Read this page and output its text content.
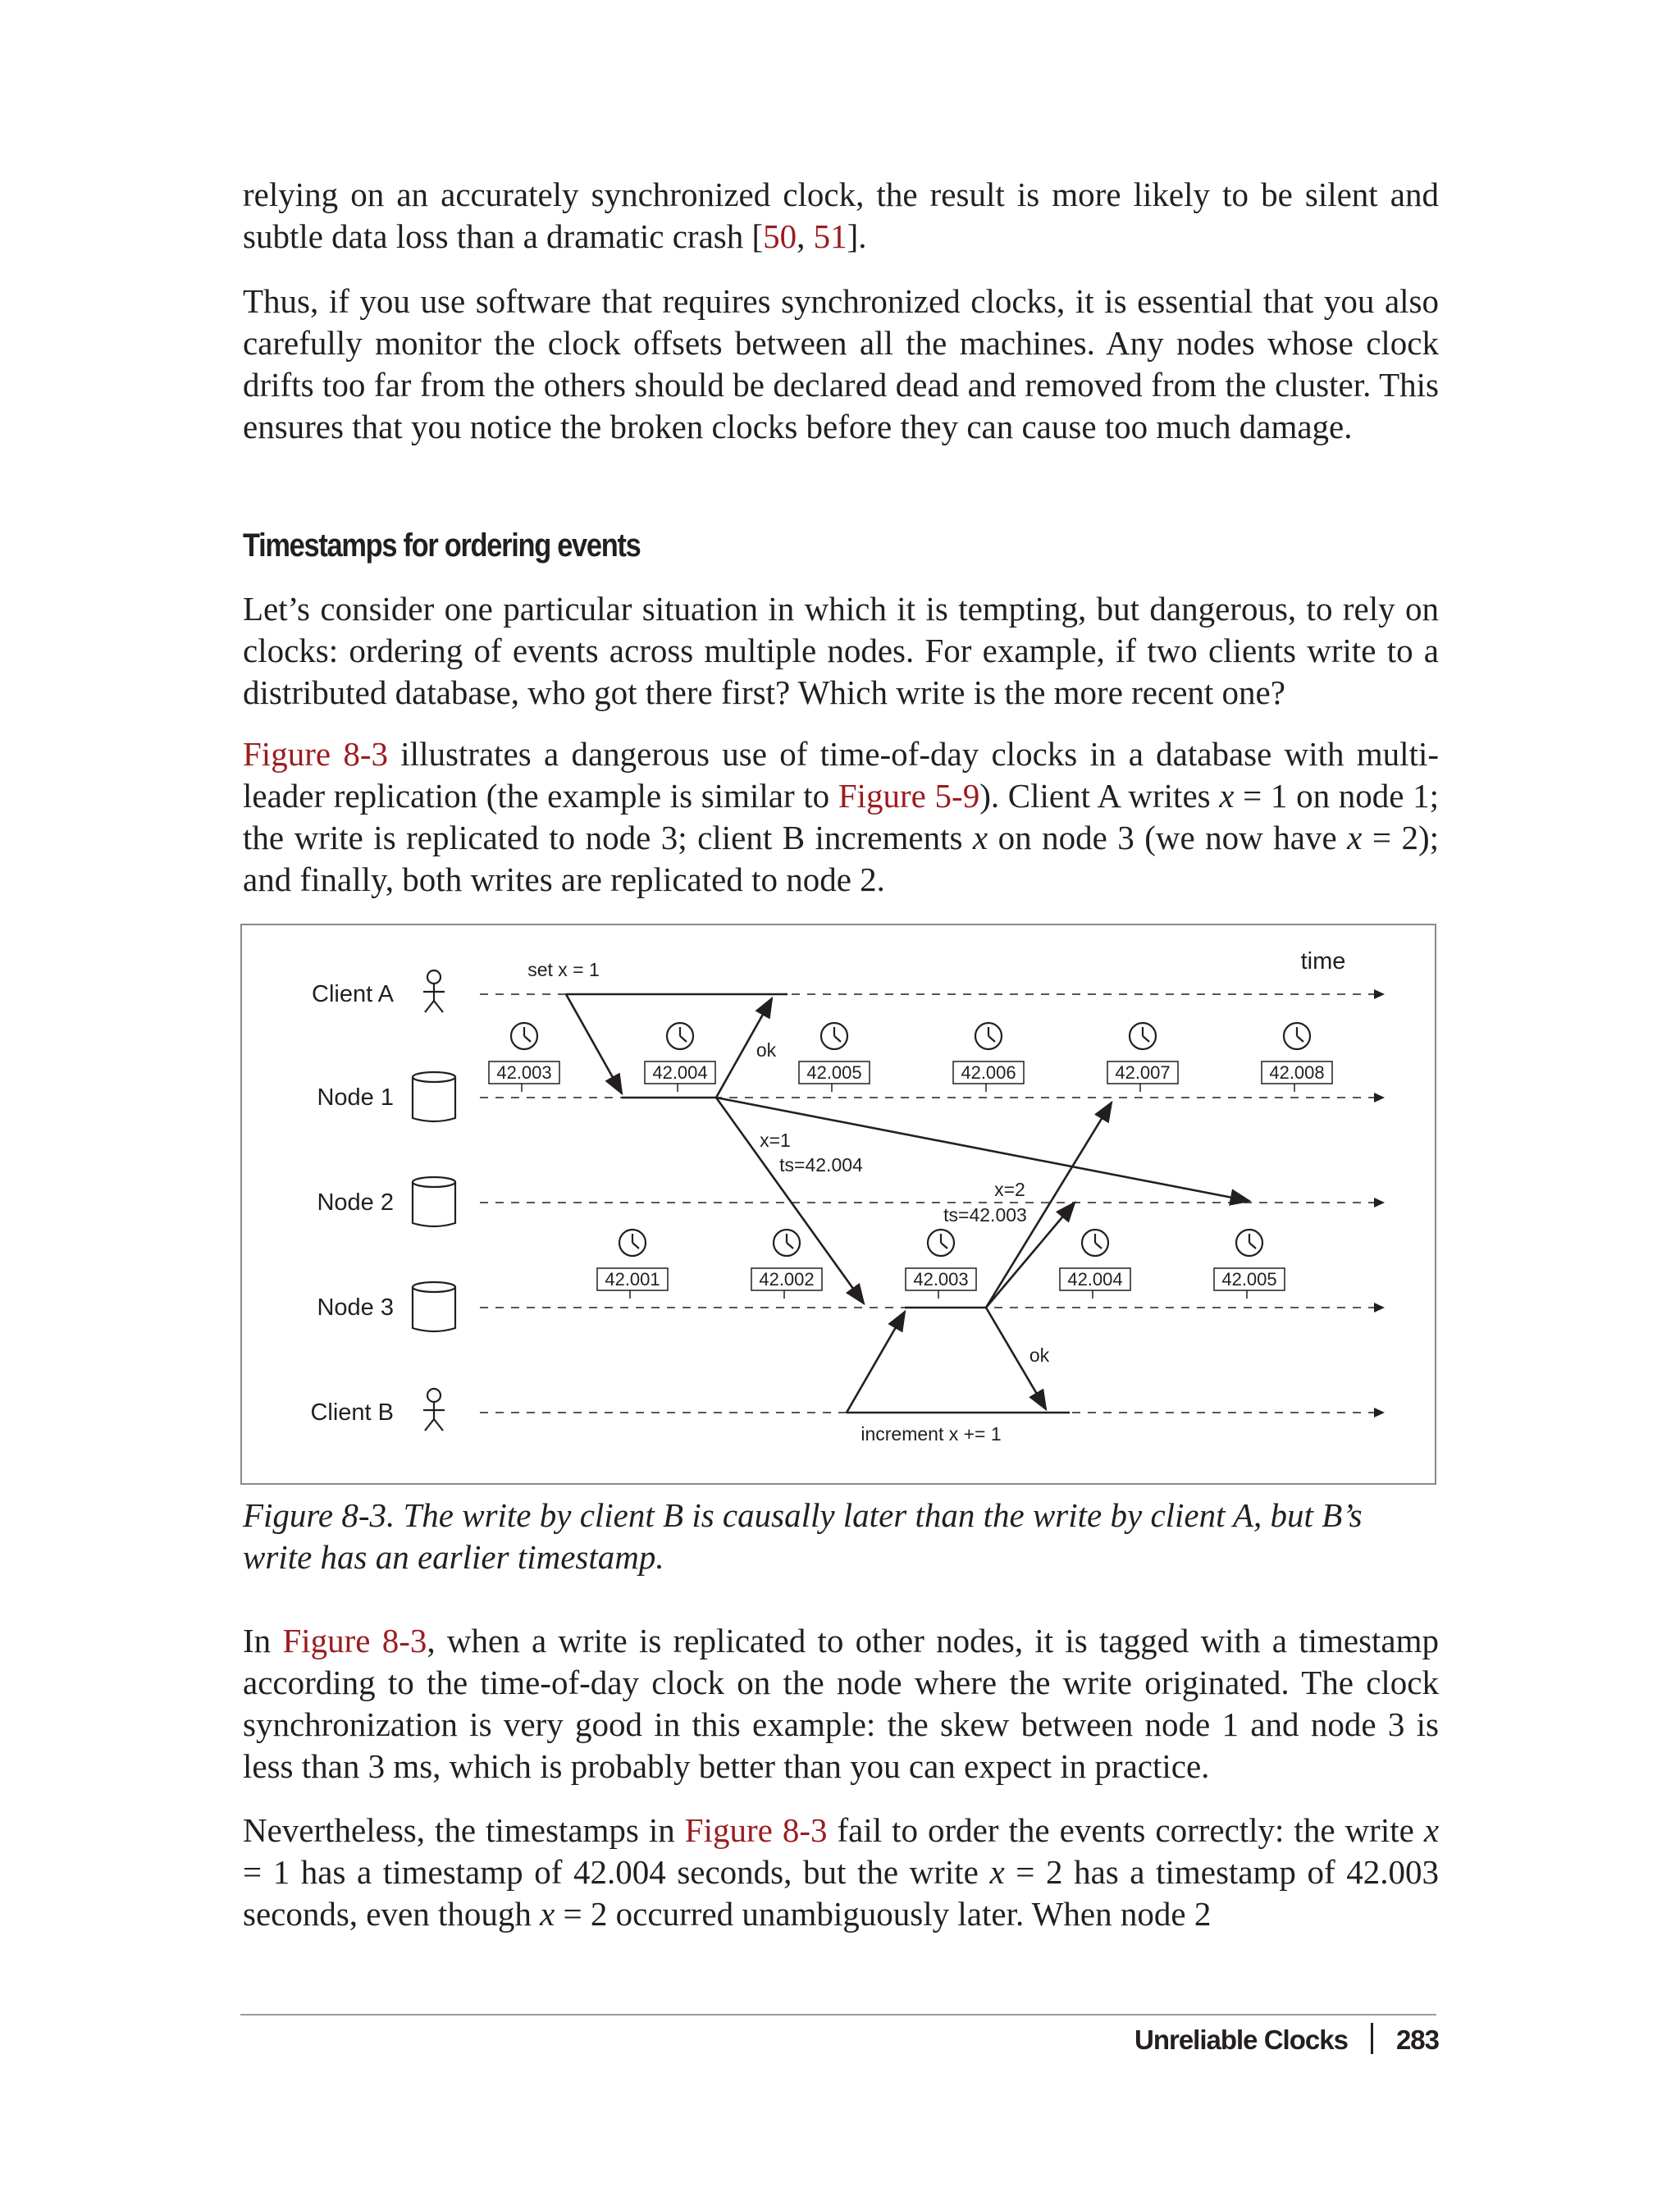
relying on an accurately synchronized clock, the result is more likely to be silent and subtle data loss than a dramatic crash [50, 51].

Thus, if you use software that requires synchronized clocks, it is essential that you also carefully monitor the clock offsets between all the machines. Any nodes whose clock drifts too far from the others should be declared dead and removed from the cluster. This ensures that you notice the broken clocks before they can cause too much damage.

Timestamps for ordering events

Let’s consider one particular situation in which it is tempting, but dangerous, to rely on clocks: ordering of events across multiple nodes. For example, if two clients write to a distributed database, who got there first? Which write is the more recent one?

Figure 8-3 illustrates a dangerous use of time-of-day clocks in a database with multi-leader replication (the example is similar to Figure 5-9). Client A writes x = 1 on node 1; the write is replicated to node 3; client B increments x on node 3 (we now have x = 2); and finally, both writes are replicated to node 2.

Client A
Node 1
Node 2
Node 3
Client B
42.003	42.004	42.005	42.006	42.007	42.008
42.001	42.002	42.003	42.004	42.005
time
set x = 1
ok
x=1
ts=42.004
x=2
ts=42.003
ok
increment x += 1

Figure 8-3. The write by client B is causally later than the write by client A, but B’s write has an earlier timestamp.

In Figure 8-3, when a write is replicated to other nodes, it is tagged with a timestamp according to the time-of-day clock on the node where the write originated. The clock synchronization is very good in this example: the skew between node 1 and node 3 is less than 3 ms, which is probably better than you can expect in practice.

Nevertheless, the timestamps in Figure 8-3 fail to order the events correctly: the write x = 1 has a timestamp of 42.004 seconds, but the write x = 2 has a timestamp of 42.003 seconds, even though x = 2 occurred unambiguously later. When node 2

Unreliable Clocks 283
